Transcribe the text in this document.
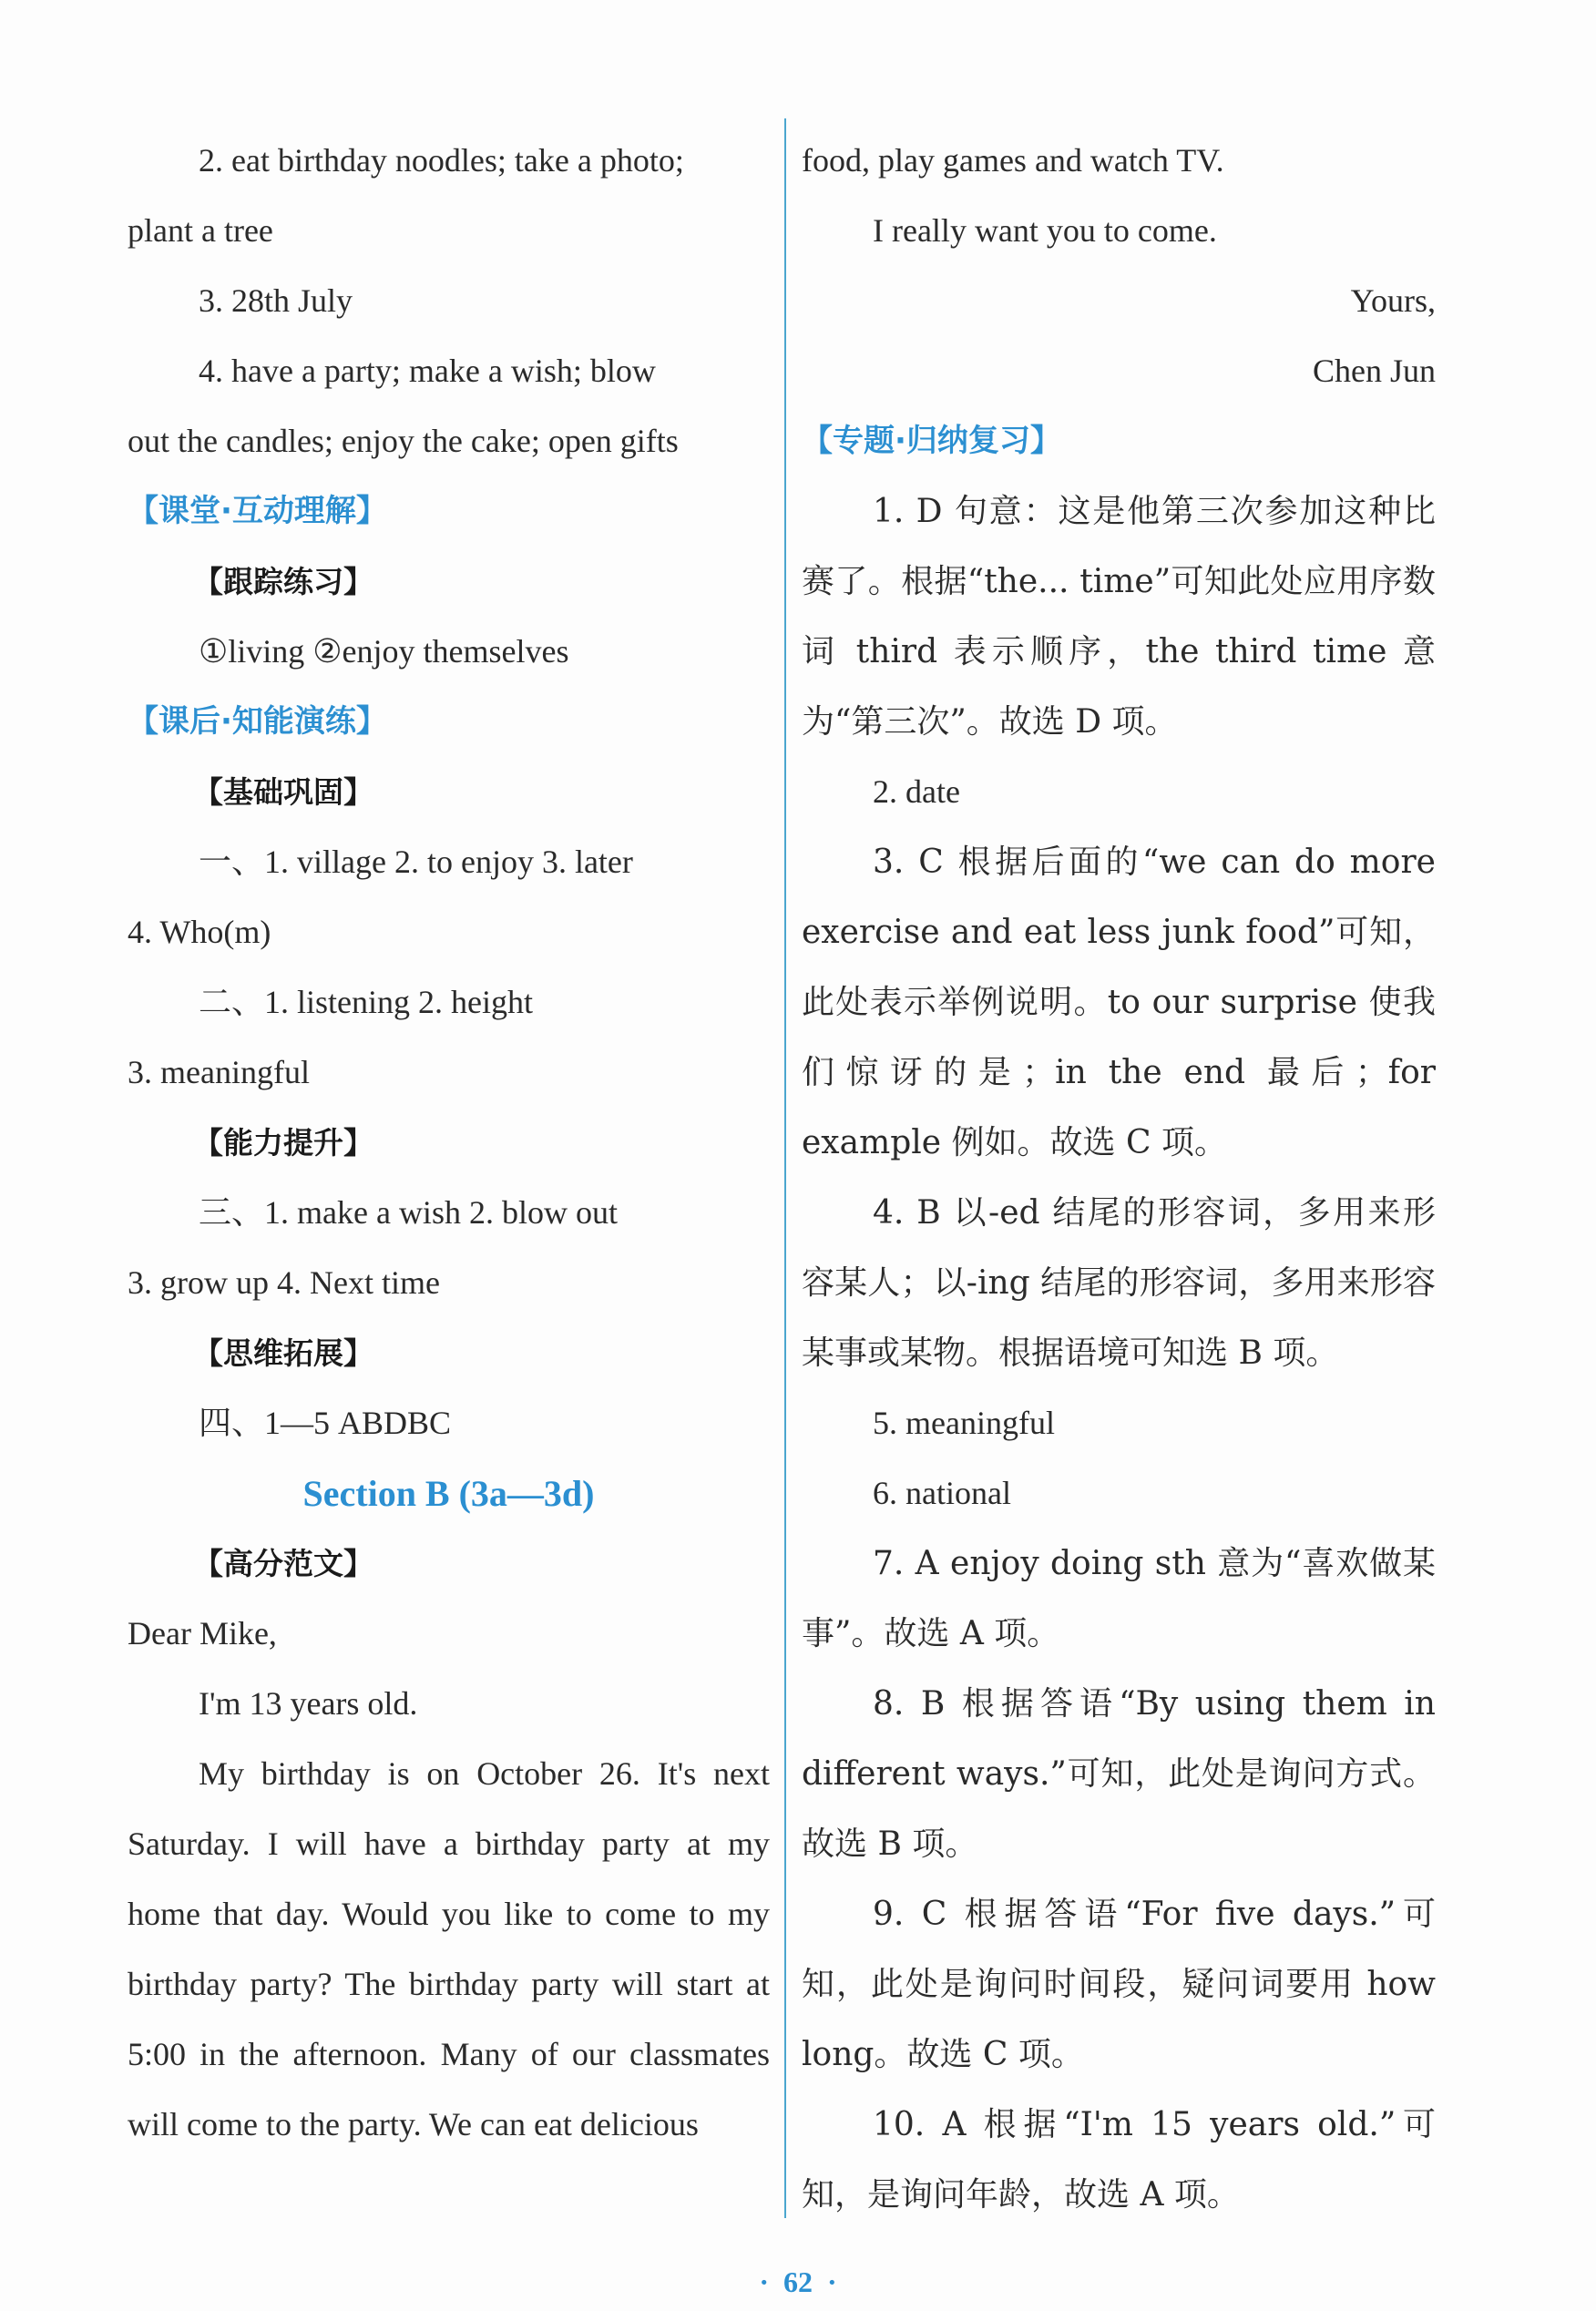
2. eat birthday noodles; take a photo;

plant a tree

3. 28th July

4. have a party; make a wish; blow

out the candles; enjoy the cake; open gifts

【课堂·互动理解】

【跟踪练习】

①living ②enjoy themselves

【课后·知能演练】

【基础巩固】

一、1. village 2. to enjoy 3. later

4. Who(m)

二、1. listening 2. height

3. meaningful

【能力提升】

三、1. make a wish 2. blow out

3. grow up 4. Next time

【思维拓展】

四、1—5 ABDBC

Section B (3a—3d)

【高分范文】

Dear Mike,

I'm 13 years old.

My birthday is on October 26. It's next Saturday. I will have a birthday party at my home that day. Would you like to come to my birthday party? The birthday party will start at 5:00 in the afternoon. Many of our classmates will come to the party. We can eat delicious

food, play games and watch TV.

I really want you to come.

Yours,

Chen Jun

【专题·归纳复习】

1. D 句意：这是他第三次参加这种比赛了。根据“the... time”可知此处应用序数词 third 表示顺序，the third time 意为“第三次”。故选 D 项。

2. date

3. C 根据后面的“we can do more exercise and eat less junk food”可知，此处表示举例说明。to our surprise 使我们惊讶的是；in the end 最后；for example 例如。故选 C 项。

4. B 以-ed 结尾的形容词，多用来形容某人；以-ing 结尾的形容词，多用来形容某事或某物。根据语境可知选 B 项。

5. meaningful

6. national

7. A enjoy doing sth 意为“喜欢做某事”。故选 A 项。

8. B 根据答语“By using them in different ways.”可知，此处是询问方式。故选 B 项。

9. C 根据答语“For five days.”可知，此处是询问时间段，疑问词要用 how long。故选 C 项。

10. A 根据“I'm 15 years old.”可知，是询问年龄，故选 A 项。

· 62 ·
